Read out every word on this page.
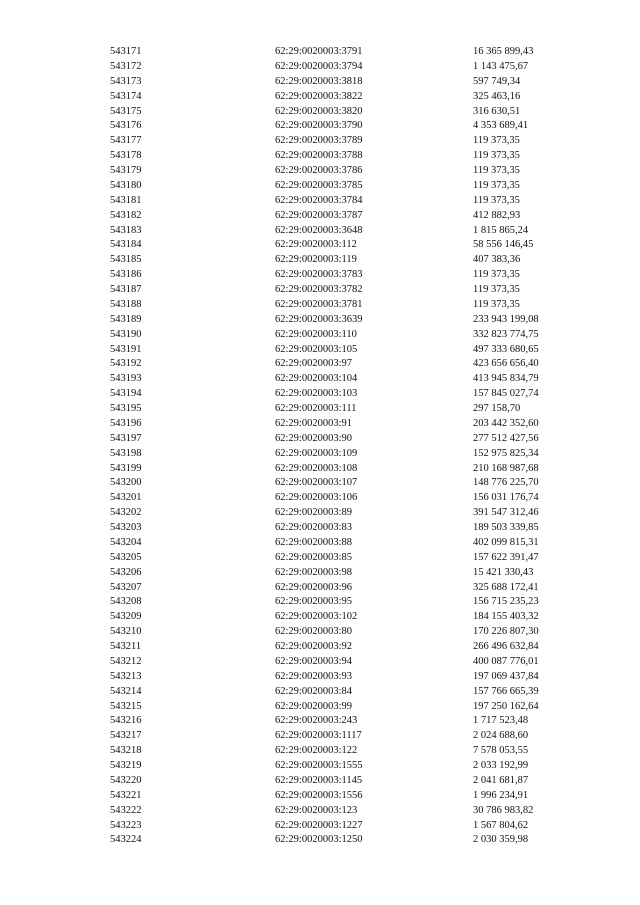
543171	62:29:0020003:3791	16 365 899,43
543172	62:29:0020003:3794	1 143 475,67
543173	62:29:0020003:3818	597 749,34
543174	62:29:0020003:3822	325 463,16
543175	62:29:0020003:3820	316 630,51
543176	62:29:0020003:3790	4 353 689,41
543177	62:29:0020003:3789	119 373,35
543178	62:29:0020003:3788	119 373,35
543179	62:29:0020003:3786	119 373,35
543180	62:29:0020003:3785	119 373,35
543181	62:29:0020003:3784	119 373,35
543182	62:29:0020003:3787	412 882,93
543183	62:29:0020003:3648	1 815 865,24
543184	62:29:0020003:112	58 556 146,45
543185	62:29:0020003:119	407 383,36
543186	62:29:0020003:3783	119 373,35
543187	62:29:0020003:3782	119 373,35
543188	62:29:0020003:3781	119 373,35
543189	62:29:0020003:3639	233 943 199,08
543190	62:29:0020003:110	332 823 774,75
543191	62:29:0020003:105	497 333 680,65
543192	62:29:0020003:97	423 656 656,40
543193	62:29:0020003:104	413 945 834,79
543194	62:29:0020003:103	157 845 027,74
543195	62:29:0020003:111	297 158,70
543196	62:29:0020003:91	203 442 352,60
543197	62:29:0020003:90	277 512 427,56
543198	62:29:0020003:109	152 975 825,34
543199	62:29:0020003:108	210 168 987,68
543200	62:29:0020003:107	148 776 225,70
543201	62:29:0020003:106	156 031 176,74
543202	62:29:0020003:89	391 547 312,46
543203	62:29:0020003:83	189 503 339,85
543204	62:29:0020003:88	402 099 815,31
543205	62:29:0020003:85	157 622 391,47
543206	62:29:0020003:98	15 421 330,43
543207	62:29:0020003:96	325 688 172,41
543208	62:29:0020003:95	156 715 235,23
543209	62:29:0020003:102	184 155 403,32
543210	62:29:0020003:80	170 226 807,30
543211	62:29:0020003:92	266 496 632,84
543212	62:29:0020003:94	400 087 776,01
543213	62:29:0020003:93	197 069 437,84
543214	62:29:0020003:84	157 766 665,39
543215	62:29:0020003:99	197 250 162,64
543216	62:29:0020003:243	1 717 523,48
543217	62:29:0020003:1117	2 024 688,60
543218	62:29:0020003:122	7 578 053,55
543219	62:29:0020003:1555	2 033 192,99
543220	62:29:0020003:1145	2 041 681,87
543221	62:29:0020003:1556	1 996 234,91
543222	62:29:0020003:123	30 786 983,82
543223	62:29:0020003:1227	1 567 804,62
543224	62:29:0020003:1250	2 030 359,98
